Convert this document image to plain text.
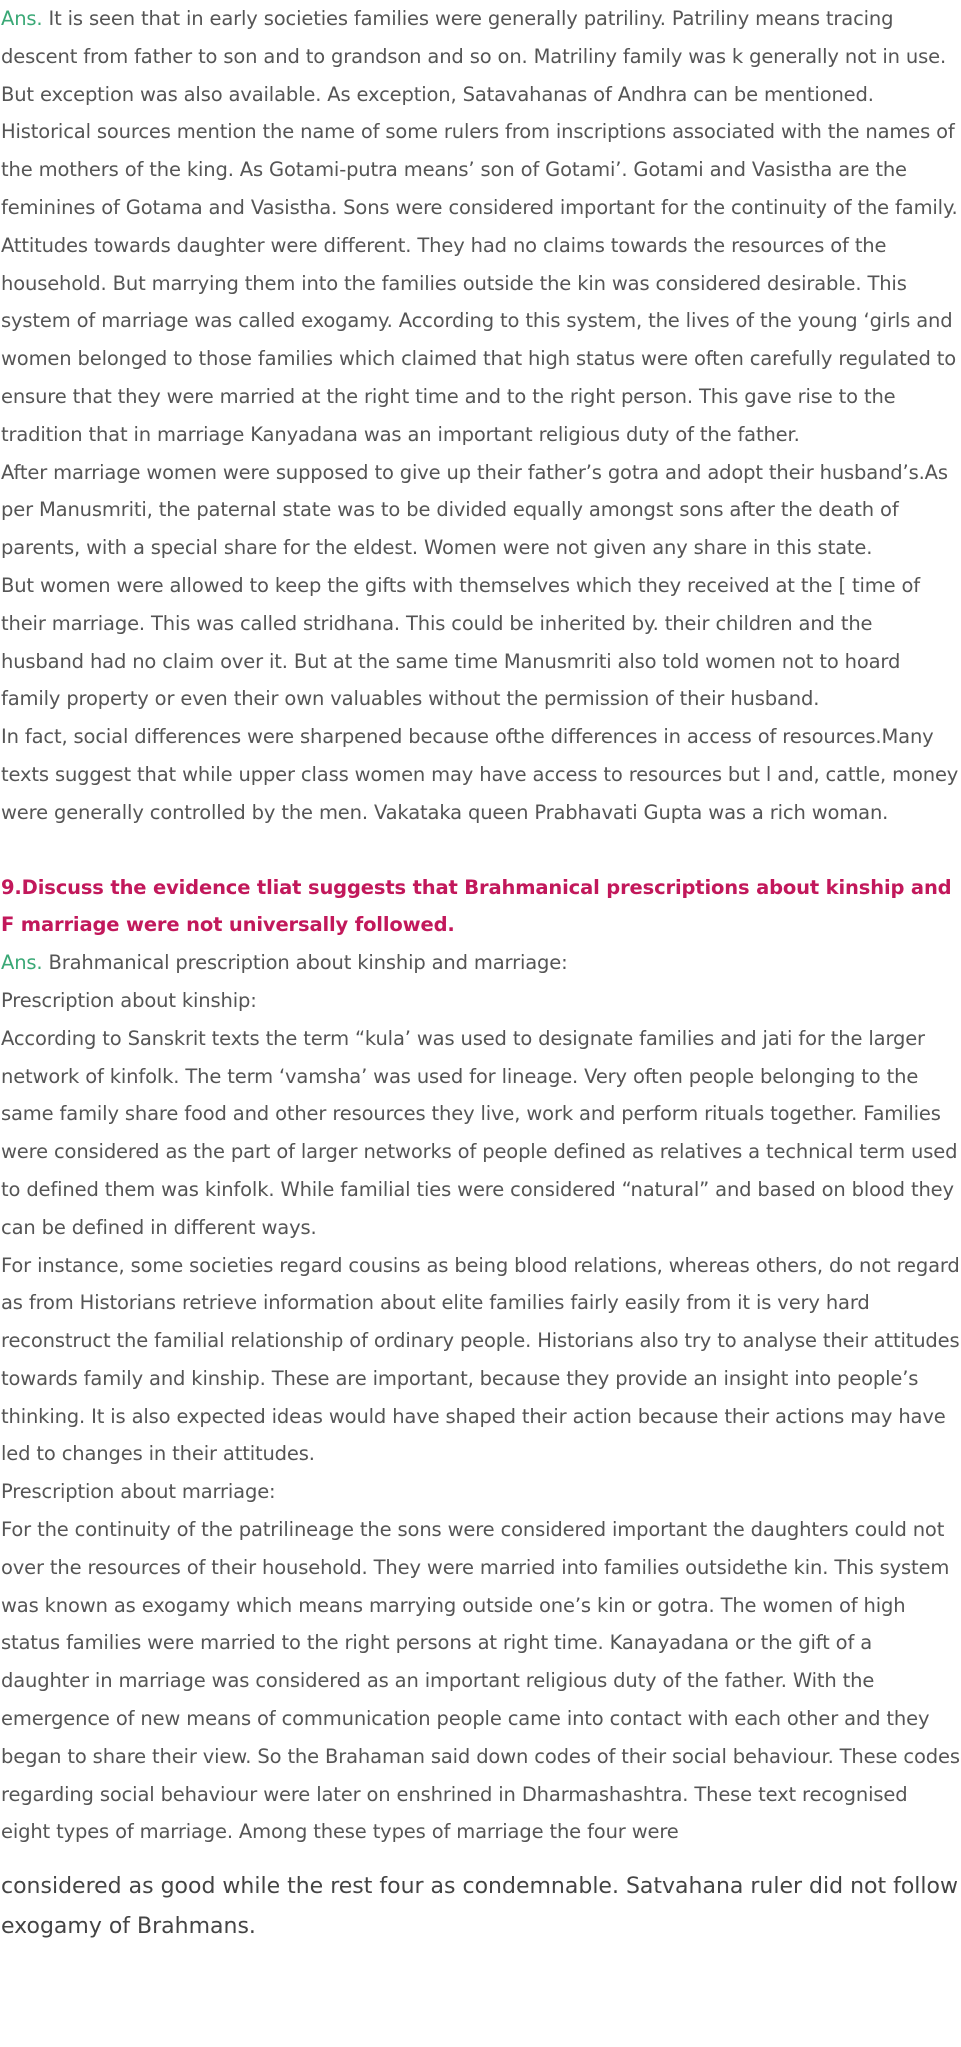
Ans. It is seen that in early societies families were generally patriliny. Patriliny means tracing descent from father to son and to grandson and so on. Matriliny family was k generally not in use. But exception was also available. As exception, Satavahanas of Andhra can be mentioned. Historical sources mention the name of some rulers from inscriptions associated with the names of the mothers of the king. As Gotami-putra means’ son of Gotami’. Gotami and Vasistha are the feminines of Gotama and Vasistha. Sons were considered important for the continuity of the family. Attitudes towards daughter were different. They had no claims towards the resources of the household. But marrying them into the families outside the kin was considered desirable. This system of marriage was called exogamy. According to this system, the lives of the young ‘girls and women belonged to those families which claimed that high status were often carefully regulated to ensure that they were married at the right time and to the right person. This gave rise to the tradition that in marriage Kanyadana was an important religious duty of the father.

After marriage women were supposed to give up their father’s gotra and adopt their husband’s.As per Manusmriti, the paternal state was to be divided equally amongst sons after the death of parents, with a special share for the eldest. Women were not given any share in this state.

But women were allowed to keep the gifts with themselves which they received at the [ time of their marriage. This was called stridhana. This could be inherited by. their children and the husband had no claim over it. But at the same time Manusmriti also told women not to hoard family property or even their own valuables without the permission of their husband.

In fact, social differences were sharpened because ofthe differences in access of resources.Many texts suggest that while upper class women may have access to resources but l and, cattle, money were generally controlled by the men. Vakataka queen Prabhavati Gupta was a rich woman.

9.Discuss the evidence tliat suggests that Brahmanical prescriptions about kinship and F marriage were not universally followed.

Ans. Brahmanical prescription about kinship and marriage:

Prescription about kinship:

According to Sanskrit texts the term “kula’ was used to designate families and jati for the larger network of kinfolk. The term ‘vamsha’ was used for lineage. Very often people belonging to the same family share food and other resources they live, work and perform rituals together. Families were considered as the part of larger networks of people defined as relatives a technical term used to defined them was kinfolk. While familial ties were considered “natural” and based on blood they can be defined in different ways.

For instance, some societies regard cousins as being blood relations, whereas others, do not regard as from Historians retrieve information about elite families fairly easily from it is very hard reconstruct the familial relationship of ordinary people. Historians also try to analyse their attitudes towards family and kinship. These are important, because they provide an insight into people’s thinking. It is also expected ideas would have shaped their action because their actions may have led to changes in their attitudes.

Prescription about marriage:

For the continuity of the patrilineage the sons were considered important the daughters could not over the resources of their household. They were married into families outsidethe kin. This system was known as exogamy which means marrying outside one’s kin or gotra. The women of high status families were married to the right persons at right time. Kanayadana or the gift of a daughter in marriage was considered as an important religious duty of the father. With the emergence of new means of communication people came into contact with each other and they began to share their view. So the Brahaman said down codes of their social behaviour. These codes regarding social behaviour were later on enshrined in Dharmashashtra. These text recognised eight types of marriage. Among these types of marriage the four were

considered as good while the rest four as condemnable. Satvahana ruler did not follow exogamy of Brahmans.
